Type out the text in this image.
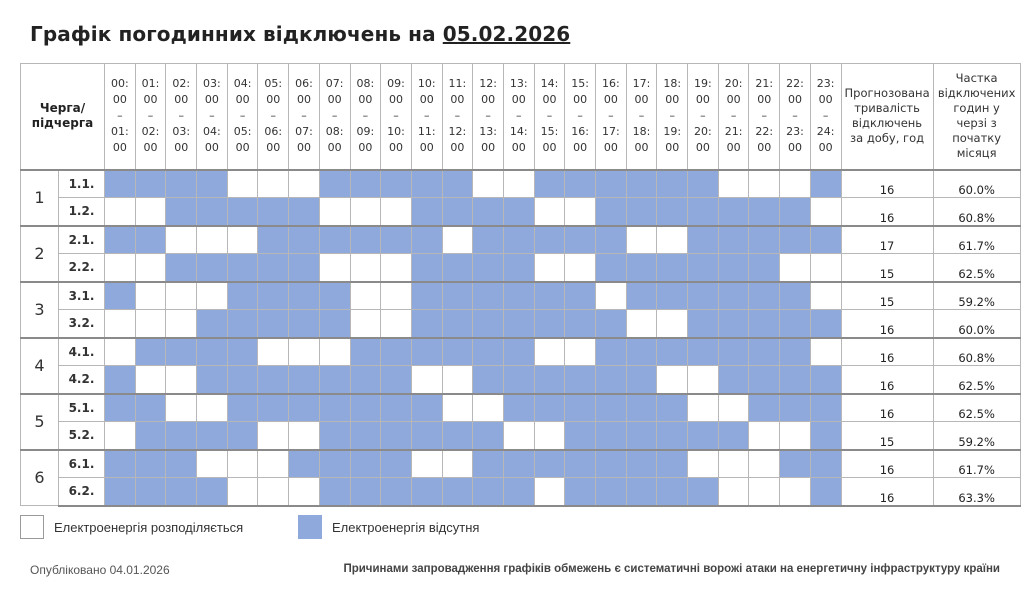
Графік погодинних відключень на 05.02.2026
Черга/
підчерга		00:
00
–
01:
00	01:
00
–
02:
00	02:
00
–
03:
00	03:
00
–
04:
00	04:
00
–
05:
00	05:
00
–
06:
00	06:
00
–
07:
00	07:
00
–
08:
00	08:
00
–
09:
00	09:
00
–
10:
00	10:
00
–
11:
00	11:
00
–
12:
00	12:
00
–
13:
00	13:
00
–
14:
00	14:
00
–
15:
00	15:
00
–
16:
00	16:
00
–
17:
00	17:
00
–
18:
00	18:
00
–
19:
00	19:
00
–
20:
00	20:
00
–
21:
00	21:
00
–
22:
00	22:
00
–
23:
00	23:
00
–
24:
00	Прогнозована тривалість відключень за добу, год	Частка відключених годин у черзі з початку місяця
1	1.1.																									16	60.0%
	1.2.																									16	60.8%
2	2.1.																									17	61.7%
	2.2.																									15	62.5%
3	3.1.																									15	59.2%
	3.2.																									16	60.0%
4	4.1.																									16	60.8%
	4.2.																									16	62.5%
5	5.1.																									16	62.5%
	5.2.																									15	59.2%
6	6.1.																									16	61.7%
	6.2.																									16	63.3%
Електроенергія розподіляється	Електроенергія відсутня
Опубліковано 04.01.2026	Причинами запровадження графіків обмежень є систематичні ворожі атаки на енергетичну інфраструктуру країни
